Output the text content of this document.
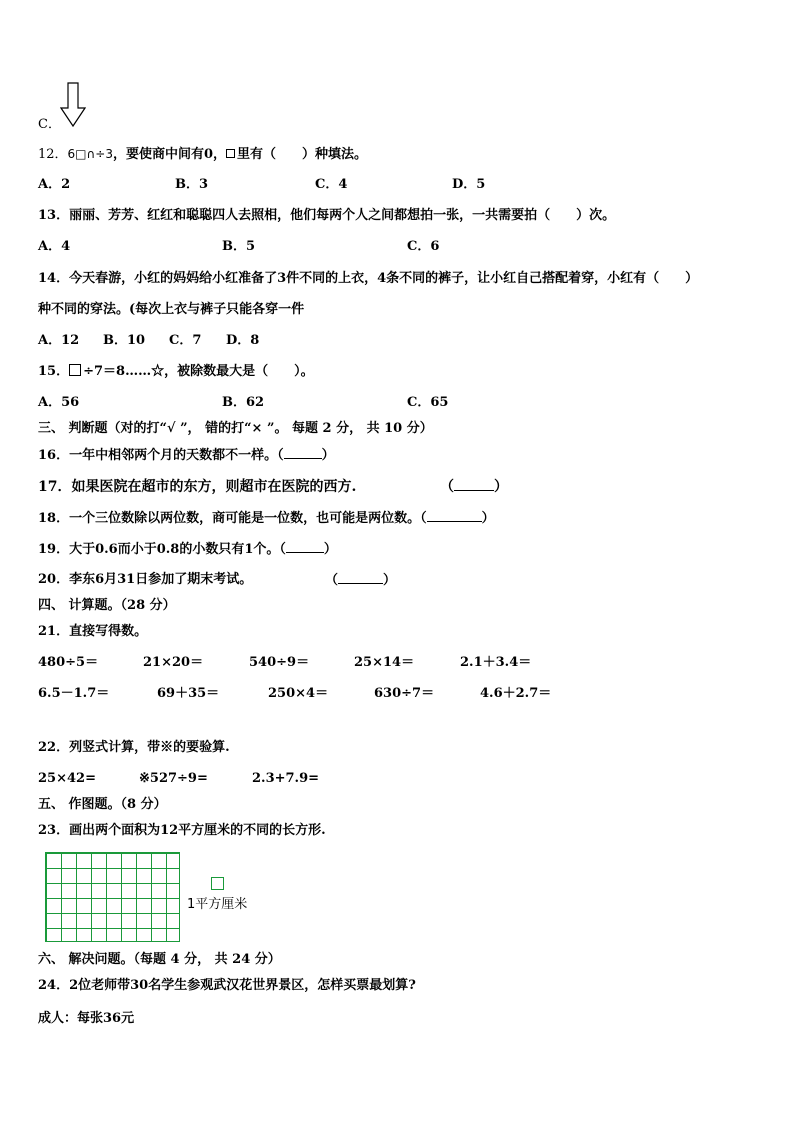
C．
12．6□∩÷3，要使商中间有0， 里有（　　）种填法。
A．2	B．3	C．4	D．5
13．丽丽、芳芳、红红和聪聪四人去照相，他们每两个人之间都想拍一张，一共需要拍（　　）次。
A．4	B．5	C．6
14．今天春游，小红的妈妈给小红准备了3件不同的上衣，4条不同的裤子，让小红自己搭配着穿，小红有（　　）
种不同的穿法。(每次上衣与裤子只能各穿一件
A．12 B．10 C．7 D．8
15． ÷7＝8……☆，被除数最大是（　　）。
A．56	B．62	C．65
三、 判断题（对的打“√ ”， 错的打“× ”。 每题 2 分， 共 10 分）
16．一年中相邻两个月的天数都不一样。（	）
17．如果医院在超市的东方，则超市在医院的西方.	（	）
18．一个三位数除以两位数，商可能是一位数，也可能是两位数。（	）
19．大于0.6而小于0.8的小数只有1个。（	）
20．李东6月31日参加了期末考试。	（	）
四、 计算题。（28 分）
21．直接写得数。
480÷5＝	21×20＝	540÷9＝	25×14＝	2.1＋3.4＝
6.5－1.7＝	69＋35＝	250×4＝	630÷7＝	4.6＋2.7＝
22．列竖式计算，带※的要验算.
25×42=	※527÷9=	2.3+7.9=
五、 作图题。（8 分）
23．画出两个面积为12平方厘米的不同的长方形.
1平方厘米
六、 解决问题。（每题 4 分， 共 24 分）
24．2位老师带30名学生参观武汉花世界景区，怎样买票最划算?
成人：每张36元
